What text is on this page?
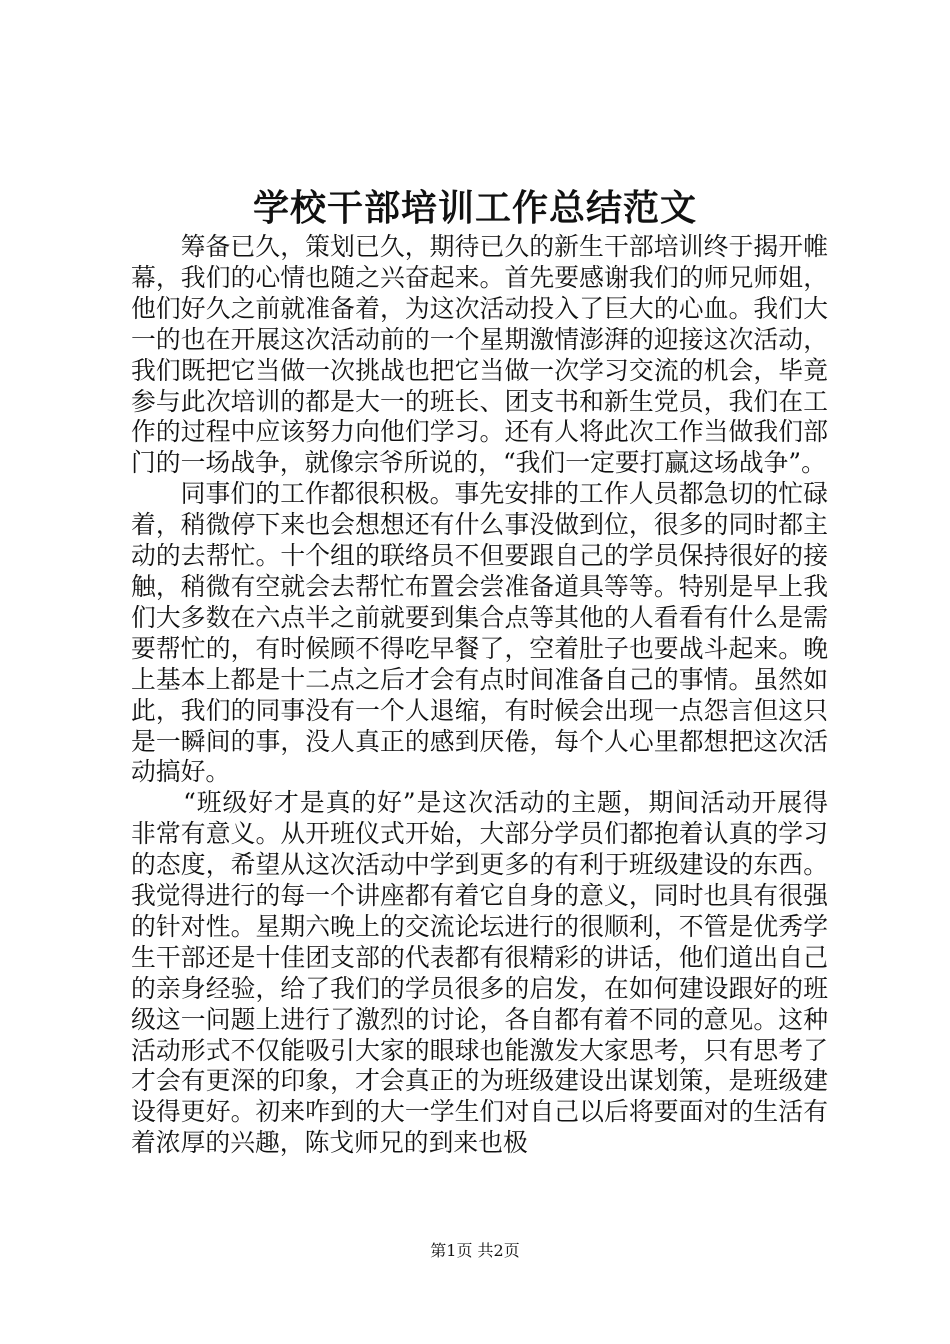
学校干部培训工作总结范文

筹备已久，策划已久，期待已久的新生干部培训终于揭开帷幕，我们的心情也随之兴奋起来。首先要感谢我们的师兄师姐，他们好久之前就准备着，为这次活动投入了巨大的心血。我们大一的也在开展这次活动前的一个星期激情澎湃的迎接这次活动，我们既把它当做一次挑战也把它当做一次学习交流的机会，毕竟参与此次培训的都是大一的班长、团支书和新生党员，我们在工作的过程中应该努力向他们学习。还有人将此次工作当做我们部门的一场战争，就像宗爷所说的，“我们一定要打赢这场战争”。

同事们的工作都很积极。事先安排的工作人员都急切的忙碌着，稍微停下来也会想想还有什么事没做到位，很多的同时都主动的去帮忙。十个组的联络员不但要跟自己的学员保持很好的接触，稍微有空就会去帮忙布置会尝准备道具等等。特别是早上我们大多数在六点半之前就要到集合点等其他的人看看有什么是需要帮忙的，有时候顾不得吃早餐了，空着肚子也要战斗起来。晚上基本上都是十二点之后才会有点时间准备自己的事情。虽然如此，我们的同事没有一个人退缩，有时候会出现一点怨言但这只是一瞬间的事，没人真正的感到厌倦，每个人心里都想把这次活动搞好。

“班级好才是真的好”是这次活动的主题，期间活动开展得非常有意义。从开班仪式开始，大部分学员们都抱着认真的学习的态度，希望从这次活动中学到更多的有利于班级建设的东西。我觉得进行的每一个讲座都有着它自身的意义，同时也具有很强的针对性。星期六晚上的交流论坛进行的很顺利，不管是优秀学生干部还是十佳团支部的代表都有很精彩的讲话，他们道出自己的亲身经验，给了我们的学员很多的启发，在如何建设跟好的班级这一问题上进行了激烈的讨论，各自都有着不同的意见。这种活动形式不仅能吸引大家的眼球也能激发大家思考，只有思考了才会有更深的印象，才会真正的为班级建设出谋划策，是班级建设得更好。初来咋到的大一学生们对自己以后将要面对的生活有着浓厚的兴趣，陈戈师兄的到来也极

第1页 共2页
